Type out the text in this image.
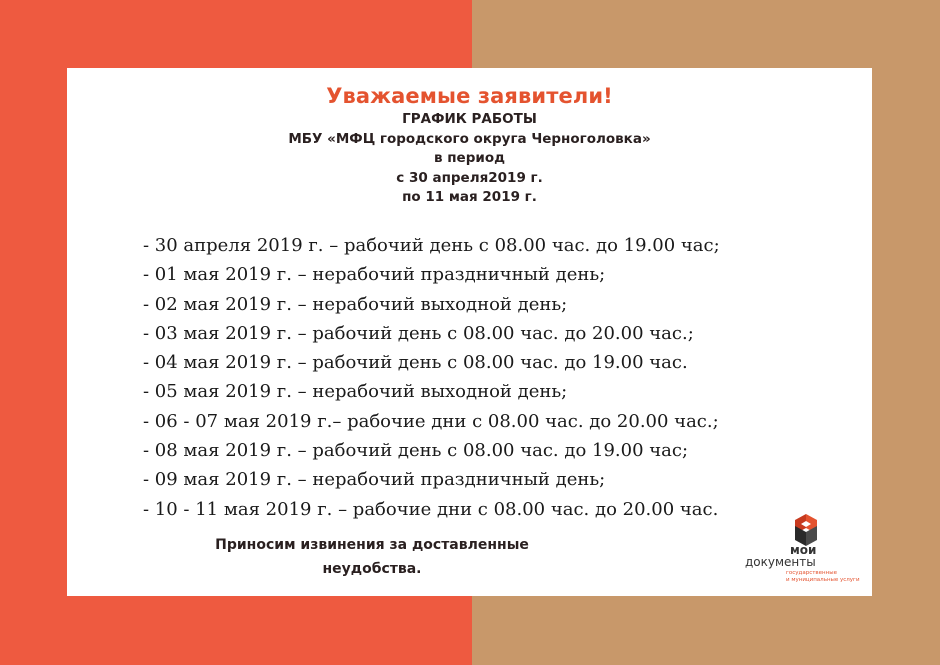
Уважаемые заявители!
ГРАФИК РАБОТЫ
МБУ «МФЦ городского округа Черноголовка»
в период
с 30 апреля2019 г.
по 11 мая 2019 г.
- 30 апреля 2019 г. – рабочий день с 08.00 час. до 19.00 час;
- 01 мая 2019 г. – нерабочий праздничный день;
- 02 мая 2019 г. – нерабочий выходной день;
- 03 мая 2019 г. – рабочий день с 08.00 час. до 20.00 час.;
- 04 мая 2019 г. – рабочий день с 08.00 час. до 19.00 час.
- 05 мая 2019 г. – нерабочий выходной день;
- 06 - 07 мая 2019 г.– рабочие дни с 08.00 час. до 20.00 час.;
- 08 мая 2019 г. – рабочий день с 08.00 час. до 19.00 час;
- 09 мая 2019 г. – нерабочий праздничный день;
- 10 - 11 мая 2019 г. – рабочие дни с 08.00 час. до 20.00 час.
Приносим извинения за доставленные
неудобства.
мои
документы
государственные
и муниципальные услуги
